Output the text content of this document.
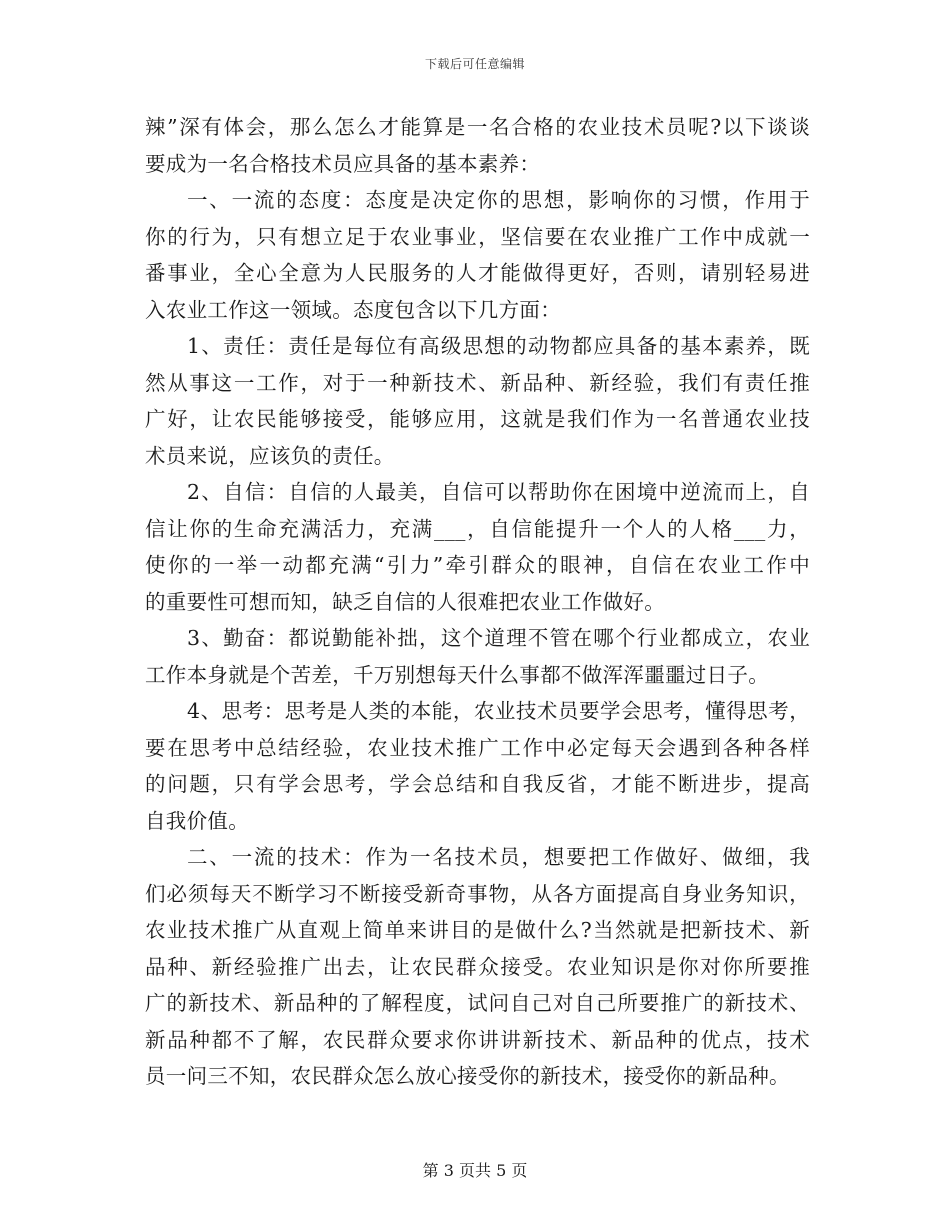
下载后可任意编辑
辣”深有体会，那么怎么才能算是一名合格的农业技术员呢?以下谈谈
要成为一名合格技术员应具备的基本素养：
一、一流的态度：态度是决定你的思想，影响你的习惯，作用于
你的行为，只有想立足于农业事业，坚信要在农业推广工作中成就一
番事业，全心全意为人民服务的人才能做得更好，否则，请别轻易进
入农业工作这一领域。态度包含以下几方面：
1、责任：责任是每位有高级思想的动物都应具备的基本素养，既
然从事这一工作，对于一种新技术、新品种、新经验，我们有责任推
广好，让农民能够接受，能够应用，这就是我们作为一名普通农业技
术员来说，应该负的责任。
2、自信：自信的人最美，自信可以帮助你在困境中逆流而上，自
信让你的生命充满活力，充满___，自信能提升一个人的人格___力，
使你的一举一动都充满“引力”牵引群众的眼神，自信在农业工作中
的重要性可想而知，缺乏自信的人很难把农业工作做好。
3、勤奋：都说勤能补拙，这个道理不管在哪个行业都成立，农业
工作本身就是个苦差，千万别想每天什么事都不做浑浑噩噩过日子。
4、思考：思考是人类的本能，农业技术员要学会思考，懂得思考，
要在思考中总结经验，农业技术推广工作中必定每天会遇到各种各样
的问题，只有学会思考，学会总结和自我反省，才能不断进步，提高
自我价值。
二、一流的技术：作为一名技术员，想要把工作做好、做细，我
们必须每天不断学习不断接受新奇事物，从各方面提高自身业务知识，
农业技术推广从直观上简单来讲目的是做什么?当然就是把新技术、新
品种、新经验推广出去，让农民群众接受。农业知识是你对你所要推
广的新技术、新品种的了解程度，试问自己对自己所要推广的新技术、
新品种都不了解，农民群众要求你讲讲新技术、新品种的优点，技术
员一问三不知，农民群众怎么放心接受你的新技术，接受你的新品种。
第 3 页共 5 页
